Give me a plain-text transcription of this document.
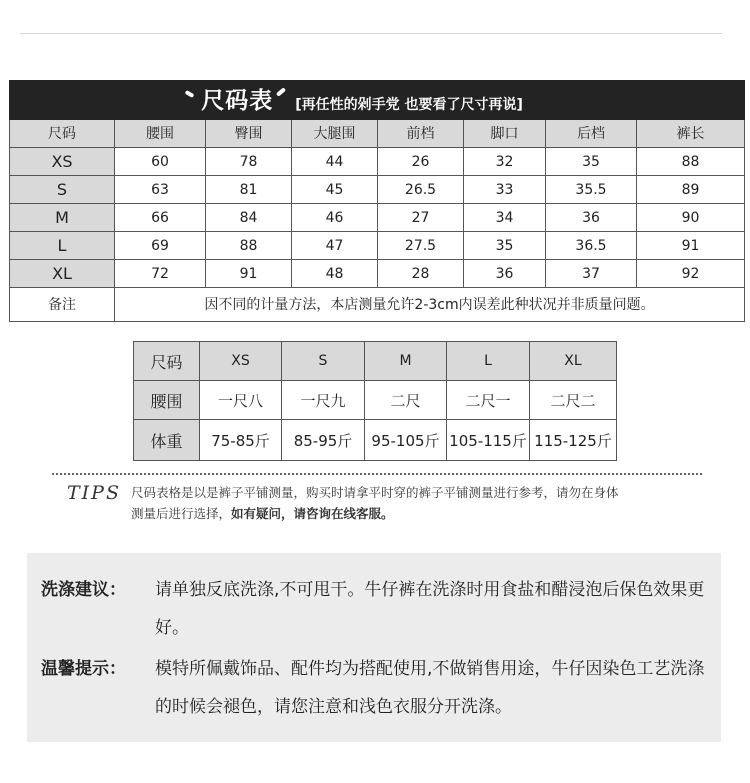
尺码表 [再任性的剁手党 也要看了尺寸再说]							

尺码	腰围	臀围	大腿围	前档	脚口	后档	裤长
XS	60	78	44	26	32	35	88
S	63	81	45	26.5	33	35.5	89
M	66	84	46	27	34	36	90
L	69	88	47	27.5	35	36.5	91
XL	72	91	48	28	36	37	92
备注	因不同的计量方法，本店测量允许2-3cm内误差此种状况并非质量问题。						
尺码	XS	S	M	L	XL
腰围	一尺八	一尺九	二尺	二尺一	二尺二
体重	75-85斤	85-95斤	95-105斤	105-115斤	115-125斤
TIPS 尺码表格是以是裤子平铺测量，购买时请拿平时穿的裤子平铺测量进行参考，请勿在身体
测量后进行选择，如有疑问，请咨询在线客服。
洗涤建议：	请单独反底洗涤,不可甩干。牛仔裤在洗涤时用食盐和醋浸泡后保色效果更好。
温馨提示：	模特所佩戴饰品、配件均为搭配使用,不做销售用途，牛仔因染色工艺洗涤的时候会褪色，请您注意和浅色衣服分开洗涤。
